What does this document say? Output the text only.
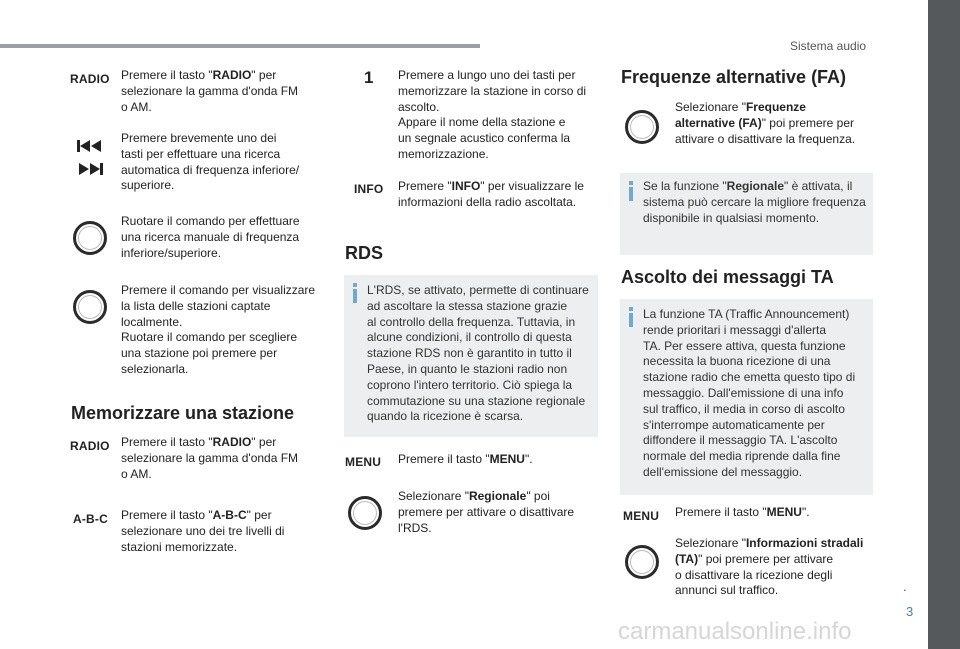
Sistema audio
.
3
RADIO Premere il tasto "RADIO" per
selezionare la gamma d'onda FM
o AM.
Premere brevemente uno dei
tasti per effettuare una ricerca
automatica di frequenza inferiore/
superiore.
Ruotare il comando per effettuare
una ricerca manuale di frequenza
inferiore/superiore.
Premere il comando per visualizzare
la lista delle stazioni captate
localmente.
Ruotare il comando per scegliere
una stazione poi premere per
selezionarla.
Memorizzare una stazione
RADIO Premere il tasto "RADIO" per
selezionare la gamma d'onda FM
o AM.
A-B-C Premere il tasto "A-B-C" per
selezionare uno dei tre livelli di
stazioni memorizzate.
1 Premere a lungo uno dei tasti per
memorizzare la stazione in corso di
ascolto.
Appare il nome della stazione e
un segnale acustico conferma la
memorizzazione.
INFO Premere "INFO" per visualizzare le
informazioni della radio ascoltata.
RDS
L'RDS, se attivato, permette di continuare
ad ascoltare la stessa stazione grazie
al controllo della frequenza. Tuttavia, in
alcune condizioni, il controllo di questa
stazione RDS non è garantito in tutto il
Paese, in quanto le stazioni radio non
coprono l'intero territorio. Ciò spiega la
commutazione su una stazione regionale
quando la ricezione è scarsa.
MENU Premere il tasto "MENU".
Selezionare "Regionale" poi
premere per attivare o disattivare
l'RDS.
Frequenze alternative (FA)
Selezionare "Frequenze
alternative (FA)" poi premere per
attivare o disattivare la frequenza.
Se la funzione "Regionale" è attivata, il
sistema può cercare la migliore frequenza
disponibile in qualsiasi momento.
Ascolto dei messaggi TA
La funzione TA (Traffic Announcement)
rende prioritari i messaggi d'allerta
TA. Per essere attiva, questa funzione
necessita la buona ricezione di una
stazione radio che emetta questo tipo di
messaggio. Dall'emissione di una info
sul traffico, il media in corso di ascolto
s'interrompe automaticamente per
diffondere il messaggio TA. L'ascolto
normale del media riprende dalla fine
dell'emissione del messaggio.
MENU Premere il tasto "MENU".
Selezionare "Informazioni stradali
(TA)" poi premere per attivare
o disattivare la ricezione degli
annunci sul traffico.
carmanualsonline.info
